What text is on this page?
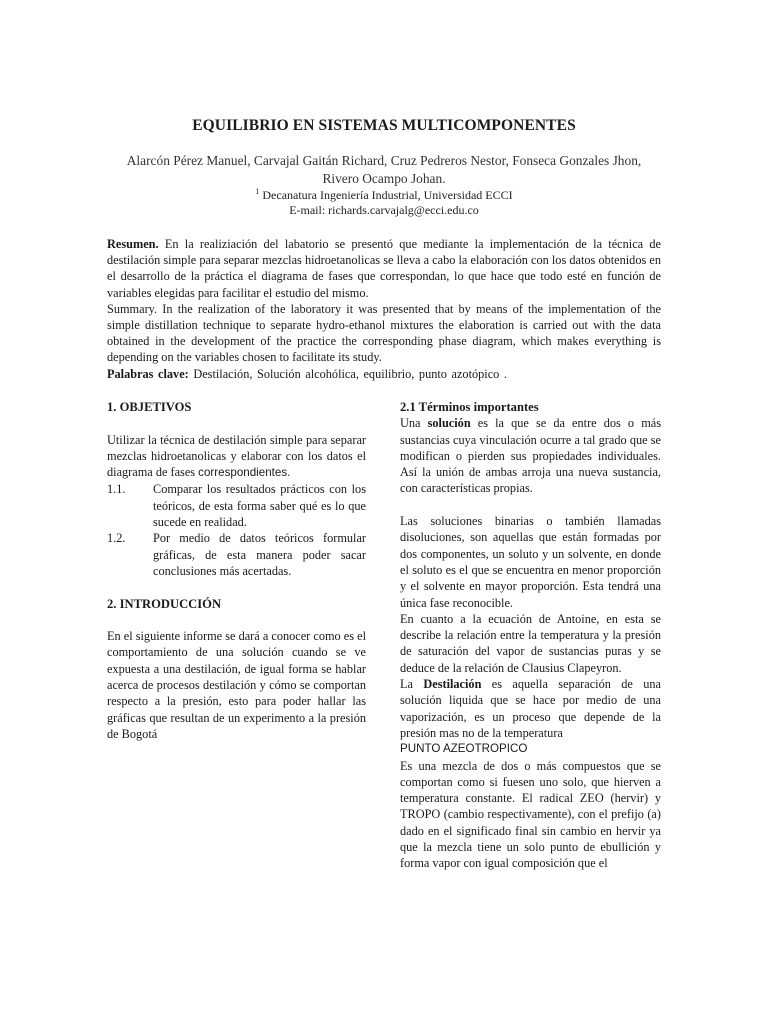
EQUILIBRIO EN SISTEMAS MULTICOMPONENTES
Alarcón Pérez Manuel, Carvajal Gaitán Richard, Cruz Pedreros Nestor, Fonseca Gonzales Jhon, Rivero Ocampo Johan.
$^1$ Decanatura Ingeniería Industrial, Universidad ECCI
E-mail: richards.carvajalg@ecci.edu.co

Resumen. En la realiziación del labatorio se presentó que mediante la implementación de la técnica de destilación simple para separar mezclas hidroetanolicas se lleva a cabo la elaboración con los datos obtenidos en el desarrollo de la práctica el diagrama de fases que correspondan, lo que hace que todo esté en función de variables elegidas para facilitar el estudio del mismo.

Summary. In the realization of the laboratory it was presented that by means of the implementation of the simple distillation technique to separate hydro-ethanol mixtures the elaboration is carried out with the data obtained in the development of the practice the corresponding phase diagram, which makes everything is depending on the variables chosen to facilitate its study.

Palabras clave: Destilación, Solución alcohólica, equilibrio, punto azotópico .

1. OBJETIVOS

Utilizar la técnica de destilación simple para separar mezclas hidroetanolicas y elaborar con los datos el diagrama de fases correspondientes.

1.1.	Comparar los resultados prácticos con los teóricos, de esta forma saber qué es lo que sucede en realidad.
1.2.	Por medio de datos teóricos formular gráficas, de esta manera poder sacar conclusiones más acertadas.

2. INTRODUCCIÓN

En el siguiente informe se dará a conocer como es el comportamiento de una solución cuando se ve expuesta a una destilación, de igual forma se hablar acerca de procesos destilación y cómo se comportan respecto a la presión, esto para poder hallar las gráficas que resultan de un experimento a la presión de Bogotá

2.1 Términos importantes

Una solución es la que se da entre dos o más sustancias cuya vinculación ocurre a tal grado que se modifican o pierden sus propiedades individuales. Así la unión de ambas arroja una nueva sustancia, con características propias.

Las soluciones binarias o también llamadas disoluciones, son aquellas que están formadas por dos componentes, un soluto y un solvente, en donde el soluto es el que se encuentra en menor proporción y el solvente en mayor proporción. Esta tendrá una única fase reconocible.

En cuanto a la ecuación de Antoine, en esta se describe la relación entre la temperatura y la presión de saturación del vapor de sustancias puras y se deduce de la relación de Clausius Clapeyron.

La Destilación es aquella separación de una solución liquida que se hace por medio de una vaporización, es un proceso que depende de la presión mas no de la temperatura

PUNTO AZEOTROPICO

Es una mezcla de dos o más compuestos que se comportan como si fuesen uno solo, que hierven a temperatura constante. El radical ZEO (hervir) y TROPO (cambio respectivamente), con el prefijo (a) dado en el significado final sin cambio en hervir ya que la mezcla tiene un solo punto de ebullición y forma vapor con igual composición que el
